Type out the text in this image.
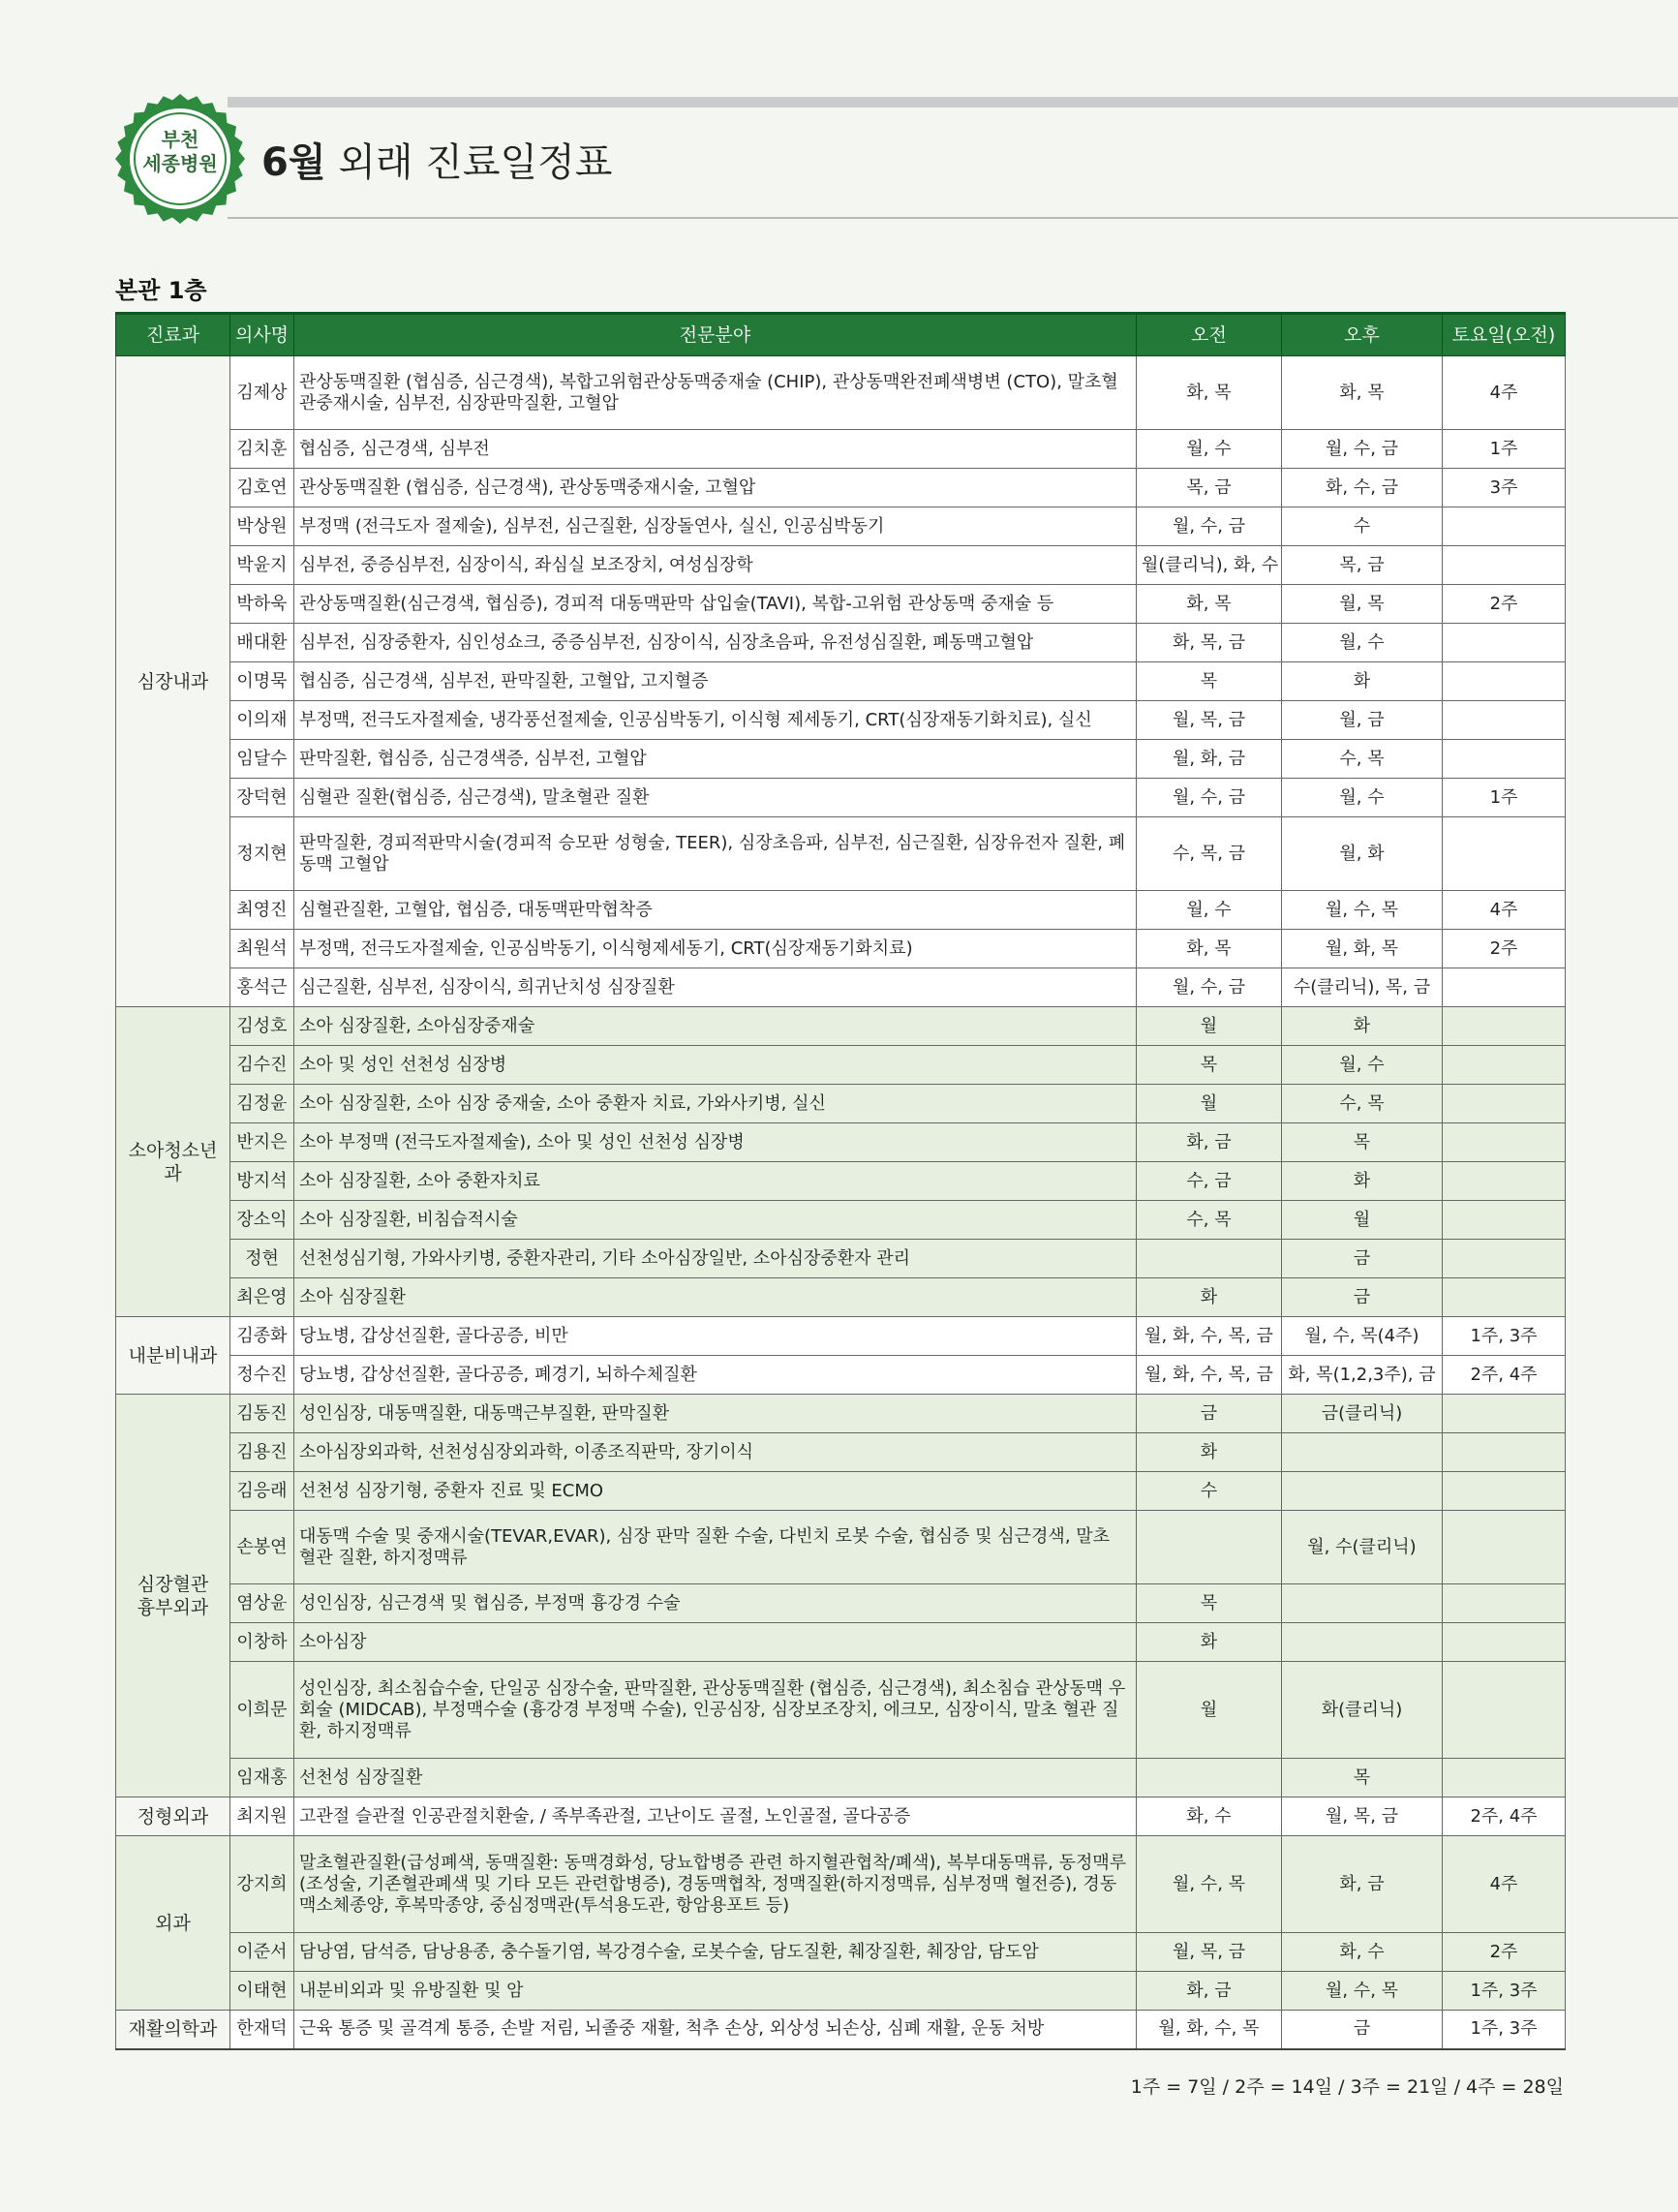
부천
세종병원	6월 외래 진료일정표
본관 1층
진료과	의사명	전문분야	오전	오후	토요일(오전)
심장내과	김제상	관상동맥질환 (협심증, 심근경색), 복합고위험관상동맥중재술 (CHIP), 관상동맥완전폐색병변 (CTO), 말초혈관중재시술, 심부전, 심장판막질환, 고혈압	화, 목	화, 목	4주
	김치훈	협심증, 심근경색, 심부전	월, 수	월, 수, 금	1주
	김호연	관상동맥질환 (협심증, 심근경색), 관상동맥중재시술, 고혈압	목, 금	화, 수, 금	3주
	박상원	부정맥 (전극도자 절제술), 심부전, 심근질환, 심장돌연사, 실신, 인공심박동기	월, 수, 금	수	
	박윤지	심부전, 중증심부전, 심장이식, 좌심실 보조장치, 여성심장학	월(클리닉), 화, 수	목, 금	
	박하욱	관상동맥질환(심근경색, 협심증), 경피적 대동맥판막 삽입술(TAVI), 복합-고위험 관상동맥 중재술 등	화, 목	월, 목	2주
	배대환	심부전, 심장중환자, 심인성쇼크, 중증심부전, 심장이식, 심장초음파, 유전성심질환, 폐동맥고혈압	화, 목, 금	월, 수	
	이명묵	협심증, 심근경색, 심부전, 판막질환, 고혈압, 고지혈증	목	화	
	이의재	부정맥, 전극도자절제술, 냉각풍선절제술, 인공심박동기, 이식형 제세동기, CRT(심장재동기화치료), 실신	월, 목, 금	월, 금	
	임달수	판막질환, 협심증, 심근경색증, 심부전, 고혈압	월, 화, 금	수, 목	
	장덕현	심혈관 질환(협심증, 심근경색), 말초혈관 질환	월, 수, 금	월, 수	1주
	정지현	판막질환, 경피적판막시술(경피적 승모판 성형술, TEER), 심장초음파, 심부전, 심근질환, 심장유전자 질환, 폐동맥 고혈압	수, 목, 금	월, 화	
	최영진	심혈관질환, 고혈압, 협심증, 대동맥판막협착증	월, 수	월, 수, 목	4주
	최원석	부정맥, 전극도자절제술, 인공심박동기, 이식형제세동기, CRT(심장재동기화치료)	화, 목	월, 화, 목	2주
	홍석근	심근질환, 심부전, 심장이식, 희귀난치성 심장질환	월, 수, 금	수(클리닉), 목, 금	
소아청소년과	김성호	소아 심장질환, 소아심장중재술	월	화	
	김수진	소아 및 성인 선천성 심장병	목	월, 수	
	김정윤	소아 심장질환, 소아 심장 중재술, 소아 중환자 치료, 가와사키병, 실신	월	수, 목	
	반지은	소아 부정맥 (전극도자절제술), 소아 및 성인 선천성 심장병	화, 금	목	
	방지석	소아 심장질환, 소아 중환자치료	수, 금	화	
	장소익	소아 심장질환, 비침습적시술	수, 목	월	
	정현	선천성심기형, 가와사키병, 중환자관리, 기타 소아심장일반, 소아심장중환자 관리		금	
	최은영	소아 심장질환	화	금	
내분비내과	김종화	당뇨병, 갑상선질환, 골다공증, 비만	월, 화, 수, 목, 금	월, 수, 목(4주)	1주, 3주
	정수진	당뇨병, 갑상선질환, 골다공증, 폐경기, 뇌하수체질환	월, 화, 수, 목, 금	화, 목(1,2,3주), 금	2주, 4주

심장혈관
흉부외과	김동진	성인심장, 대동맥질환, 대동맥근부질환, 판막질환	금	금(클리닉)	
	김용진	소아심장외과학, 선천성심장외과학, 이종조직판막, 장기이식	화		
	김응래	선천성 심장기형, 중환자 진료 및 ECMO	수		
	손봉연	대동맥 수술 및 중재시술(TEVAR,EVAR), 심장 판막 질환 수술, 다빈치 로봇 수술, 협심증 및 심근경색, 말초 혈관 질환, 하지정맥류		월, 수(클리닉)	
	염상윤	성인심장, 심근경색 및 협심증, 부정맥 흉강경 수술	목		
	이창하	소아심장	화		
	이희문	성인심장, 최소침습수술, 단일공 심장수술, 판막질환, 관상동맥질환 (협심증, 심근경색), 최소침습 관상동맥 우회술 (MIDCAB), 부정맥수술 (흉강경 부정맥 수술), 인공심장, 심장보조장치, 에크모, 심장이식, 말초 혈관 질환, 하지정맥류	월	화(클리닉)	
	임재홍	선천성 심장질환		목	
정형외과	최지원	고관절 슬관절 인공관절치환술, / 족부족관절, 고난이도 골절, 노인골절, 골다공증	화, 수	월, 목, 금	2주, 4주
외과	강지희	말초혈관질환(급성폐색, 동맥질환: 동맥경화성, 당뇨합병증 관련 하지혈관협착/폐색), 복부대동맥류, 동정맥루(조성술, 기존혈관폐색 및 기타 모든 관련합병증), 경동맥협착, 정맥질환(하지정맥류, 심부정맥 혈전증), 경동맥소체종양, 후복막종양, 중심정맥관(투석용도관, 항암용포트 등)	월, 수, 목	화, 금	4주
	이준서	담낭염, 담석증, 담낭용종, 충수돌기염, 복강경수술, 로봇수술, 담도질환, 췌장질환, 췌장암, 담도암	월, 목, 금	화, 수	2주
	이태현	내분비외과 및 유방질환 및 암	화, 금	월, 수, 목	1주, 3주
재활의학과	한재덕	근육 통증 및 골격계 통증, 손발 저림, 뇌졸중 재활, 척추 손상, 외상성 뇌손상, 심폐 재활, 운동 처방	월, 화, 수, 목	금	1주, 3주
1주 = 7일 / 2주 = 14일 / 3주 = 21일 / 4주 = 28일
